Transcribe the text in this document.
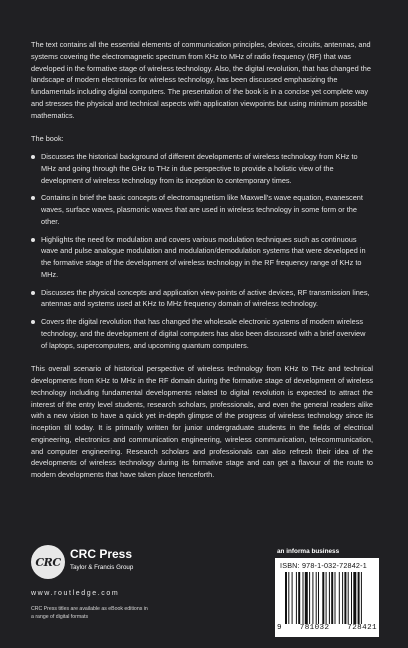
The text contains all the essential elements of communication principles, devices, circuits, antennas, and systems covering the electromagnetic spectrum from KHz to MHz of radio frequency (RF) that was developed in the formative stage of wireless technology. Also, the digital revolution, that has changed the landscape of modern electronics for wireless technology, has been discussed emphasizing the fundamentals including digital computers. The presentation of the book is in a concise yet complete way and stresses the physical and technical aspects with application viewpoints but using minimum possible mathematics.

The book:

Discusses the historical background of different developments of wireless technology from KHz to MHz and going through the GHz to THz in due perspective to provide a holistic view of the development of wireless technology from its inception to contemporary times.
Contains in brief the basic concepts of electromagnetism like Maxwell’s wave equation, evanescent waves, surface waves, plasmonic waves that are used in wireless technology in some form or the other.
Highlights the need for modulation and covers various modulation techniques such as continuous wave and pulse analogue modulation and modulation/demodulation systems that were developed in the formative stage of the development of wireless technology in the RF frequency range of KHz to MHz.
Discusses the physical concepts and application view-points of active devices, RF transmission lines, antennas and systems used at KHz to MHz frequency domain of wireless technology.
Covers the digital revolution that has changed the wholesale electronic systems of modern wireless technology, and the development of digital computers has also been discussed with a brief overview of laptops, supercomputers, and upcoming quantum computers.

This overall scenario of historical perspective of wireless technology from KHz to THz and technical developments from KHz to MHz in the RF domain during the formative stage of development of wireless technology including fundamental developments related to digital revolution is expected to attract the interest of the entry level students, research scholars, professionals, and even the general readers alike with a new vision to have a quick yet in-depth glimpse of the progress of wireless technology since its inception till today. It is primarily written for junior undergraduate students in the fields of electrical engineering, electronics and communication engineering, wireless communication, telecommunication, and computer engineering. Research scholars and professionals can also refresh their idea of the developments of wireless technology during its formative stage and can get a flavour of the route to modern developments that have taken place henceforth.

CRC
CRC Press
Taylor & Francis Group
www.routledge.com
CRC Press titles are available as eBook editions in a range of digital formats
an informa business
ISBN: 978-1-032-72842-1
9 781032 728421
